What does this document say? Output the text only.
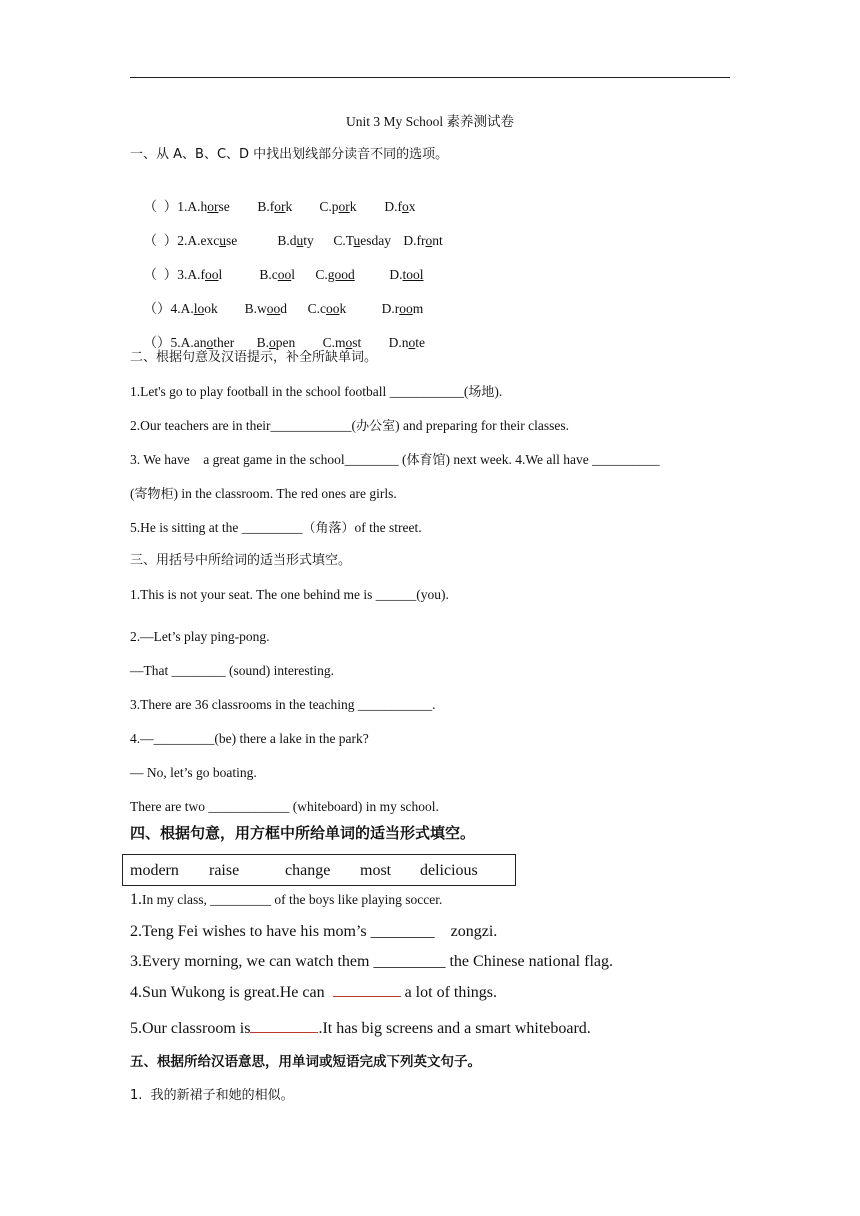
Unit 3 My School 素养测试卷
一、从 A、B、C、D 中找出划线部分读音不同的选项。

（  ）1.A.horse B.fork C.pork D.fox

（  ）2.A.excuse	B.duty C.Tuesday D.front

（  ）3.A.fool	B.cool C.good	D.tool

（）4.A.look B.wood C.cook	D.room

（）5.A.another B.open C.most D.note

二、根据句意及汉语提示，补全所缺单词。
1.Let's go to play football in the school football ___________(场地).
2.Our teachers are in their____________(办公室) and preparing for their classes.
3. We have    a great game in the school________ (体育馆) next week. 4.We all have __________
(寄物柜) in the classroom. The red ones are girls.
5.He is sitting at the _________（角落）of the street.
三、用括号中所给词的适当形式填空。
1.This is not your seat. The one behind me is ______(you).
2.—Let’s play ping-pong.
—That ________ (sound) interesting.
3.There are 36 classrooms in the teaching ___________.
4.—_________(be) there a lake in the park?
— No, let’s go boating.
There are two ____________ (whiteboard) in my school.
四、根据句意，用方框中所给单词的适当形式填空。
modern raise	change most delicious
1.In my class, _________ of the boys like playing soccer.
2.Teng Fei wishes to have his mom’s ________    zongzi.
3.Every morning, we can watch them _________ the Chinese national flag.
4.Sun Wukong is great.He can	a lot of things.
5.Our classroom is	.It has big screens and a smart whiteboard.
五、根据所给汉语意思，用单词或短语完成下列英文句子。
1.  我的新裙子和她的相似。
